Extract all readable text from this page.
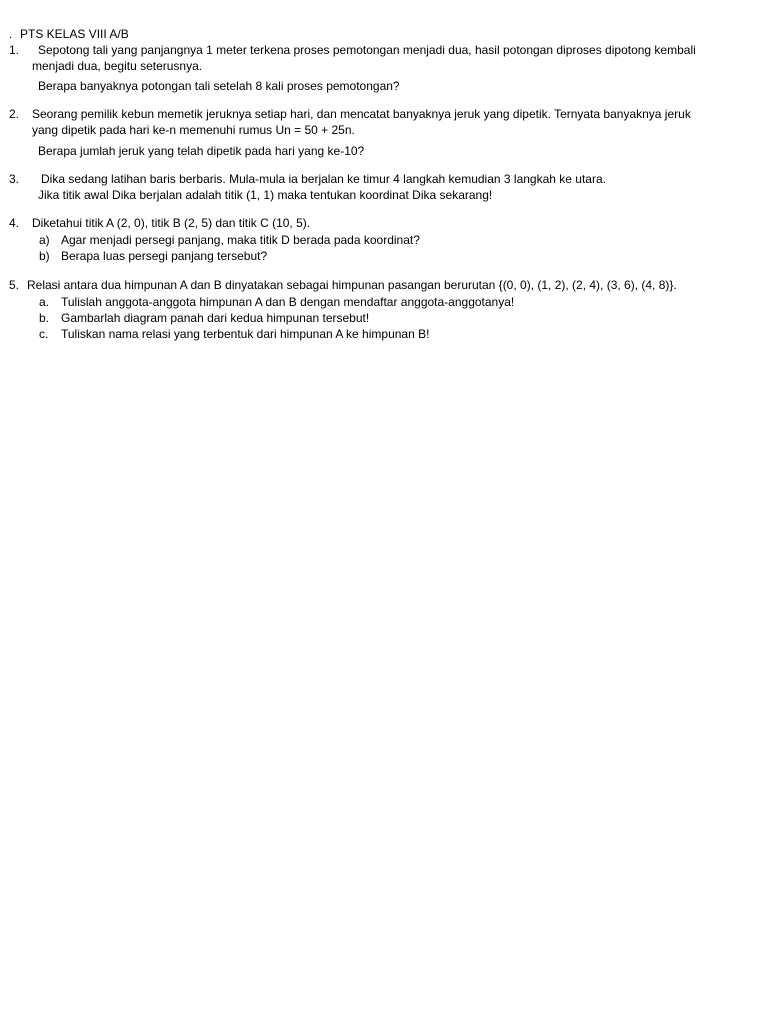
. PTS KELAS VIII A/B
1. Sepotong tali yang panjangnya 1 meter terkena proses pemotongan menjadi dua, hasil potongan diproses dipotong kembali
menjadi dua, begitu seterusnya.
Berapa banyaknya potongan tali setelah 8 kali proses pemotongan?
2. Seorang pemilik kebun memetik jeruknya setiap hari, dan mencatat banyaknya jeruk yang dipetik. Ternyata banyaknya jeruk
yang dipetik pada hari ke-n memenuhi rumus Un = 50 + 25n.
Berapa jumlah jeruk yang telah dipetik pada hari yang ke-10?
3. Dika sedang latihan baris berbaris. Mula-mula ia berjalan ke timur 4 langkah kemudian 3 langkah ke utara.
Jika titik awal Dika berjalan adalah titik (1, 1) maka tentukan koordinat Dika sekarang!
4. Diketahui titik A (2, 0), titik B (2, 5) dan titik C (10, 5).
a) Agar menjadi persegi panjang, maka titik D berada pada koordinat?
b) Berapa luas persegi panjang tersebut?
5. Relasi antara dua himpunan A dan B dinyatakan sebagai himpunan pasangan berurutan {(0, 0), (1, 2), (2, 4), (3, 6), (4, 8)}.
a. Tulislah anggota-anggota himpunan A dan B dengan mendaftar anggota-anggotanya!
b. Gambarlah diagram panah dari kedua himpunan tersebut!
c. Tuliskan nama relasi yang terbentuk dari himpunan A ke himpunan B!
